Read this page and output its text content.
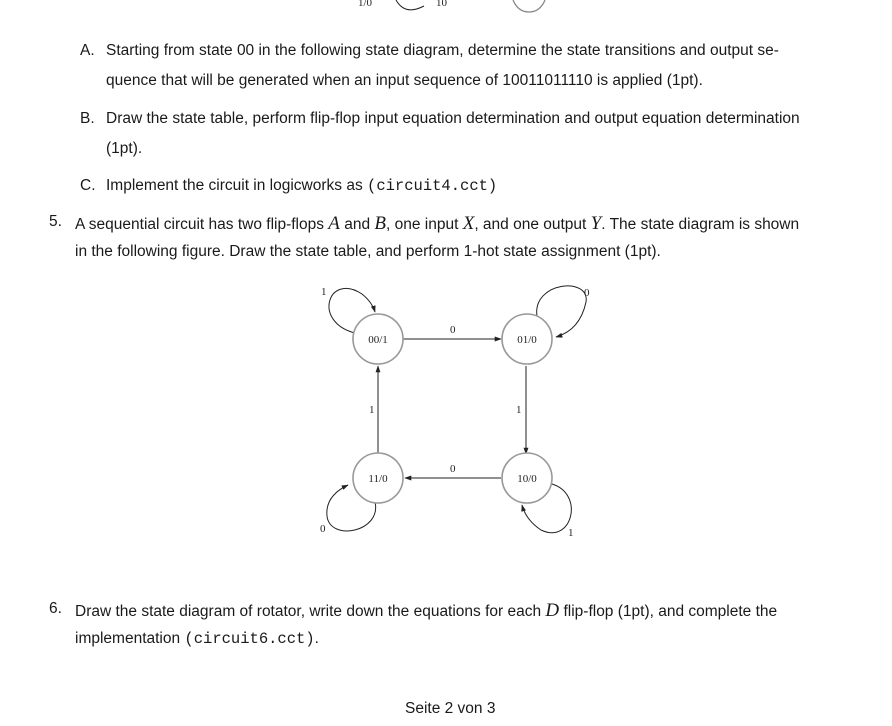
1/0	10
A. Starting from state 00 in the following state diagram, determine the state transitions and output se-
quence that will be generated when an input sequence of 10011011110 is applied (1pt).
B. Draw the state table, perform flip-flop input equation determination and output equation determination
(1pt).
C. Implement the circuit in logicworks as (circuit4.cct)
5. A sequential circuit has two flip-flops A and B, one input X, and one output Y. The state diagram is shown
in the following figure. Draw the state table, and perform 1-hot state assignment (1pt).
0
1	1
0
1	0
0	1
00/1	01/0
11/0	10/0
6. Draw the state diagram of rotator, write down the equations for each D flip-flop (1pt), and complete the
implementation (circuit6.cct).
Seite 2 von 3
